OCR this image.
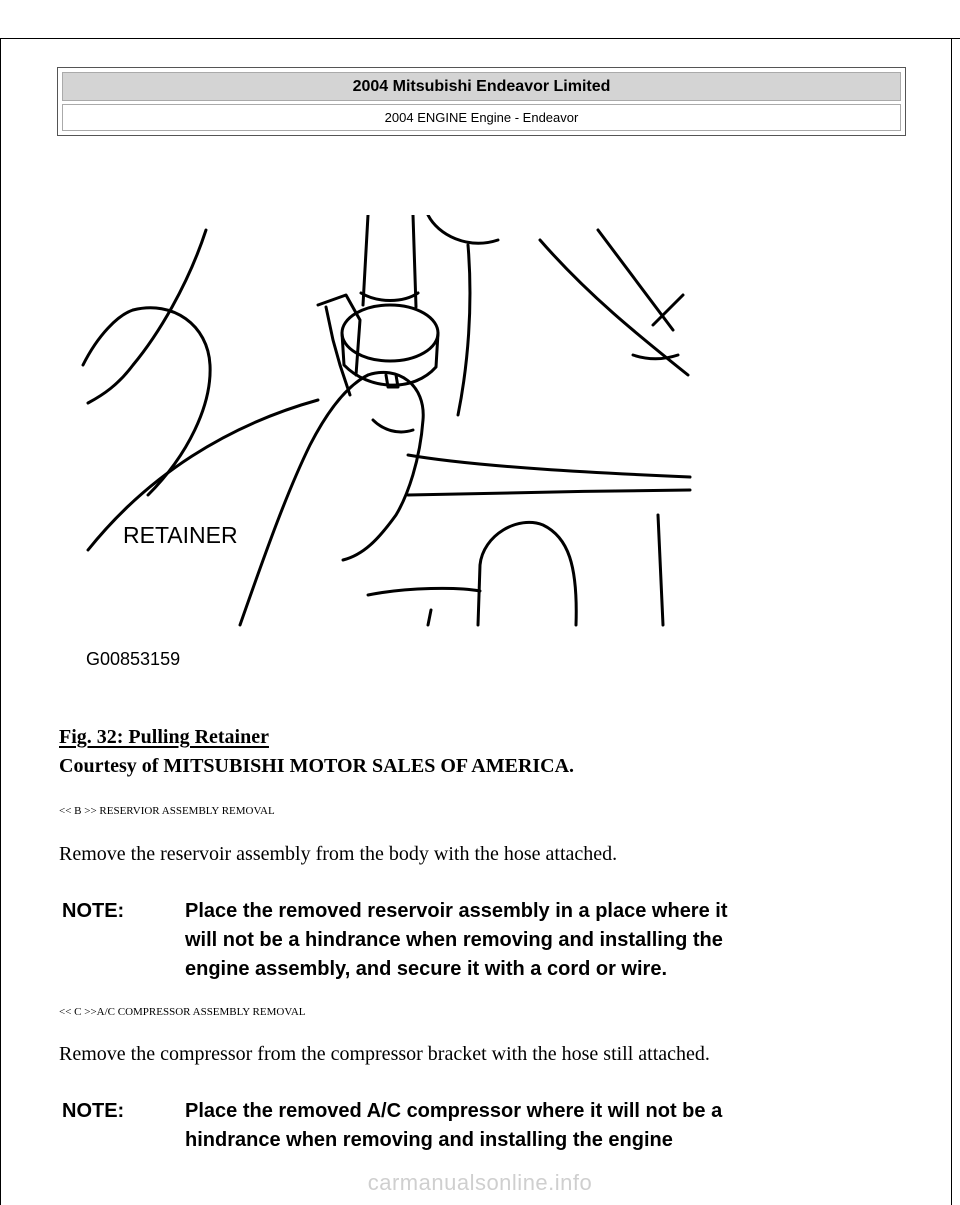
2004 Mitsubishi Endeavor Limited
2004 ENGINE Engine - Endeavor
RETAINER
G00853159
Fig. 32: Pulling Retainer
Courtesy of MITSUBISHI MOTOR SALES OF AMERICA.
<< B >> RESERVIOR ASSEMBLY REMOVAL
Remove the reservoir assembly from the body with the hose attached.
NOTE:	Place the removed reservoir assembly in a place where it
will not be a hindrance when removing and installing the
engine assembly, and secure it with a cord or wire.
<< C >>A/C COMPRESSOR ASSEMBLY REMOVAL
Remove the compressor from the compressor bracket with the hose still attached.
NOTE:	Place the removed A/C compressor where it will not be a
hindrance when removing and installing the engine
carmanualsonline.info
